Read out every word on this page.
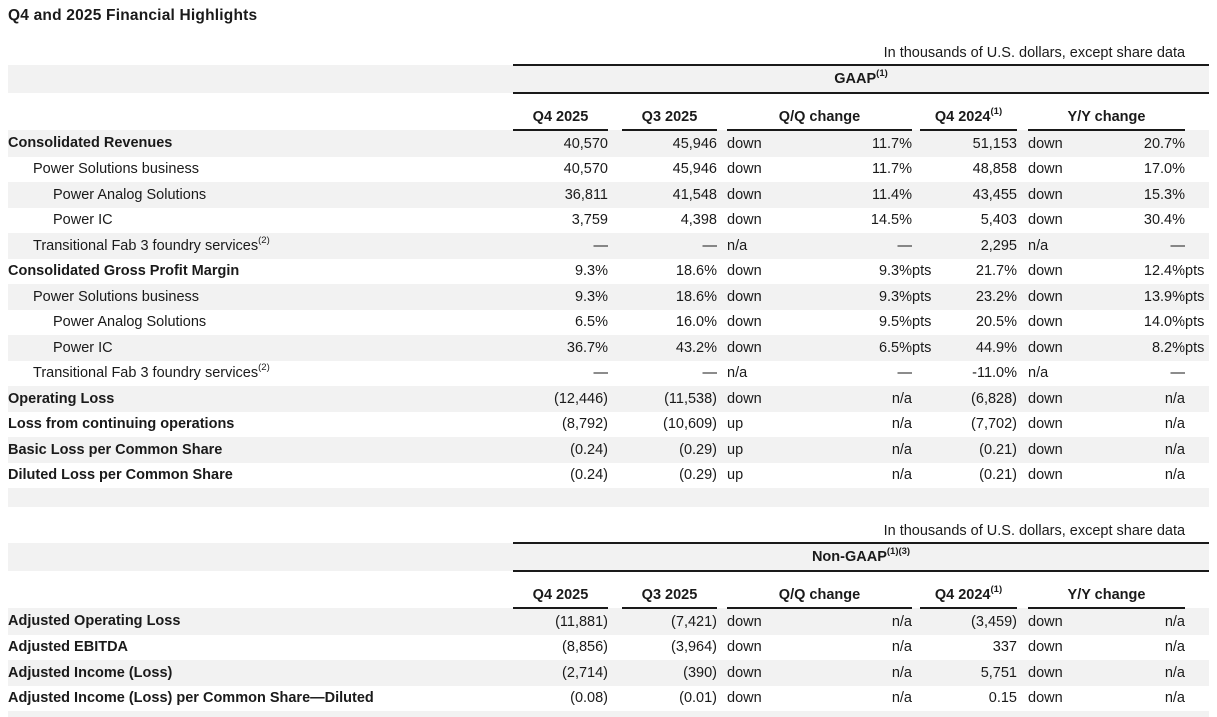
Q4 and 2025 Financial Highlights
In thousands of U.S. dollars, except share data												
	GAAP$^{(1)}$
	Q4 2025		Q3 2025		Q/Q change			Q4 2024$^{(1)}$		Y/Y change		
Consolidated Revenues	40,570		45,946		down	11.7%		51,153		down	20.7%	
Power Solutions business	40,570		45,946		down	11.7%		48,858		down	17.0%	
Power Analog Solutions	36,811		41,548		down	11.4%		43,455		down	15.3%	
Power IC	3,759		4,398		down	14.5%		5,403		down	30.4%	
Transitional Fab 3 foundry services$^{(2)}$	—		—		n/a	—		2,295		n/a	—	
Consolidated Gross Profit Margin	9.3%		18.6%		down	9.3% pts		21.7%		down	12.4% pts	

Power Solutions business	9.3%		18.6%		down	9.3% pts		23.2%		down	13.9% pts	

Power Analog Solutions	6.5%		16.0%		down	9.5% pts		20.5%		down	14.0% pts	

Power IC	36.7%		43.2%		down	6.5% pts		44.9%		down	8.2% pts	

Transitional Fab 3 foundry services$^{(2)}$	—		—		n/a	—		-11.0%		n/a	—	
Operating Loss	(12,446)		(11,538)		down	n/a		(6,828)		down	n/a	
Loss from continuing operations	(8,792)		(10,609)		up	n/a		(7,702)		down	n/a	
Basic Loss per Common Share	(0.24)		(0.29)		up	n/a		(0.21)		down	n/a	
Diluted Loss per Common Share	(0.24)		(0.29)		up	n/a		(0.21)		down	n/a	

In thousands of U.S. dollars, except share data												
	Non-$GAAP^{(1)(3)}$
	Q4 2025		Q3 2025		Q/Q change			Q4 2024$^{(1)}$		Y/Y change		
Adjusted Operating Loss	(11,881)		(7,421)		down	n/a		(3,459)		down	n/a	
Adjusted EBITDA	(8,856)		(3,964)		down	n/a		337		down	n/a	
Adjusted Income (Loss)	(2,714)		(390)		down	n/a		5,751		down	n/a	
Adjusted Income (Loss) per Common Share—Diluted	(0.08)		(0.01)		down	n/a		0.15		down	n/a	
